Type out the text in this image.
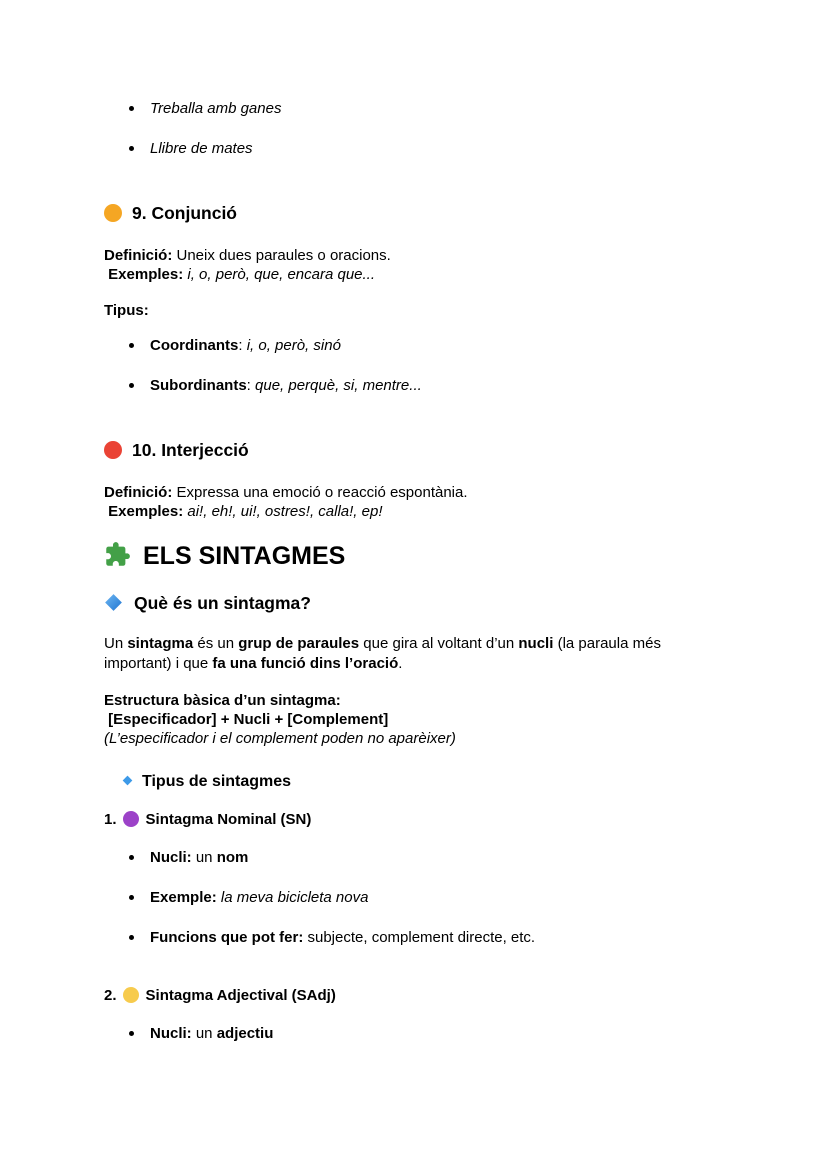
Treballa amb ganes
Llibre de mates
9. Conjunció

Definició: Uneix dues paraules o oracions.
Exemples: i, o, però, que, encara que...

Tipus:

Coordinants: i, o, però, sinó
Subordinants: que, perquè, si, mentre...
10. Interjecció

Definició: Expressa una emoció o reacció espontània.
Exemples: ai!, eh!, ui!, ostres!, calla!, ep!

ELS SINTAGMES
Què és un sintagma?

Un sintagma és un grup de paraules que gira al voltant d’un nucli (la paraula més important) i que fa una funció dins l’oració.

Estructura bàsica d’un sintagma:
[Especificador] + Nucli + [Complement]
(L’especificador i el complement poden no aparèixer)

Tipus de sintagmes

1. Sintagma Nominal (SN)

Nucli: un nom
Exemple: la meva bicicleta nova
Funcions que pot fer: subjecte, complement directe, etc.

2. Sintagma Adjectival (SAdj)

Nucli: un adjectiu
